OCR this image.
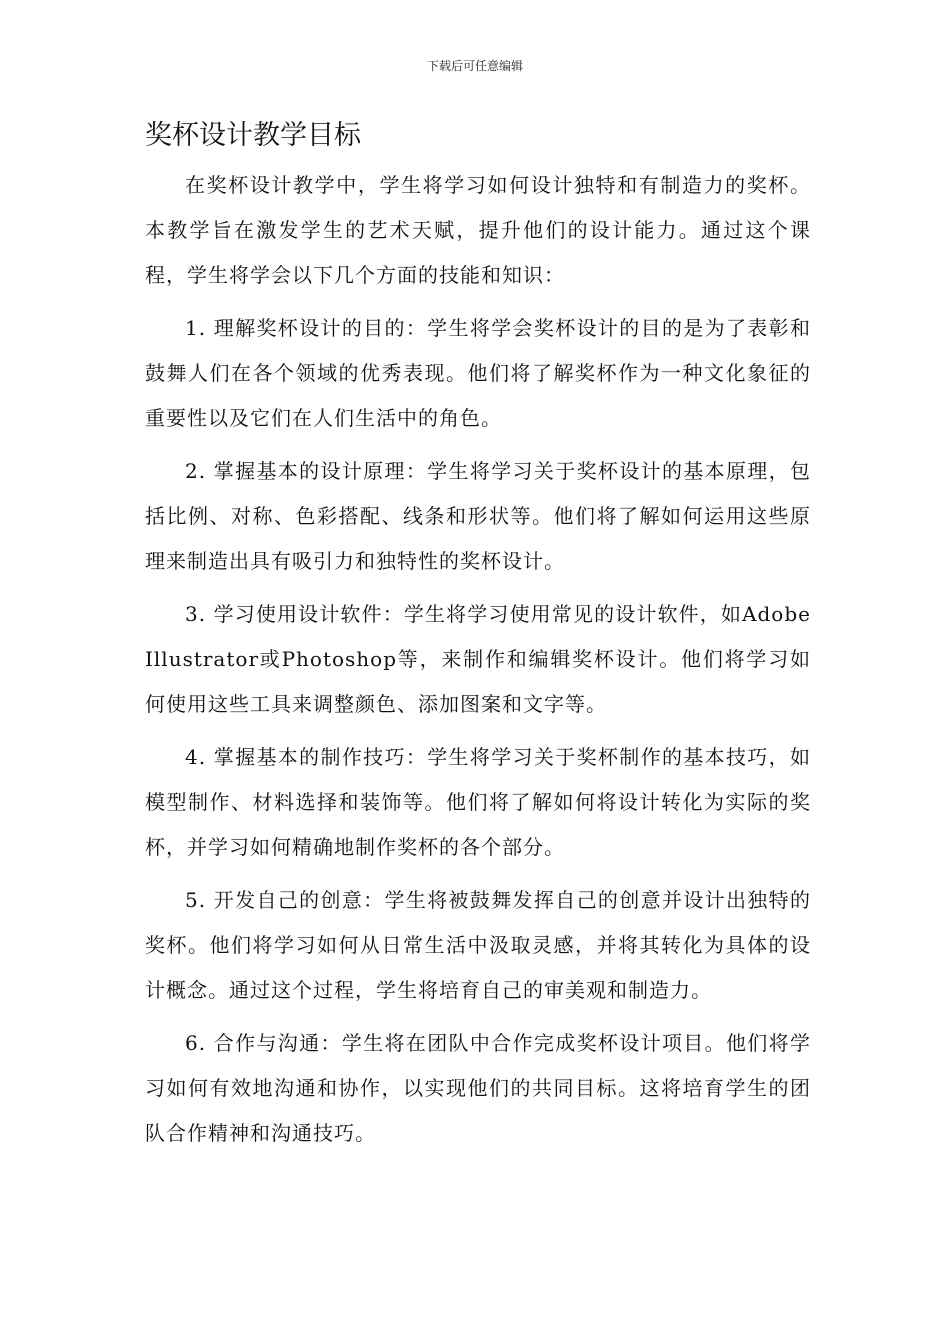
下载后可任意编辑
奖杯设计教学目标

在奖杯设计教学中，学生将学习如何设计独特和有制造力的奖杯。本教学旨在激发学生的艺术天赋，提升他们的设计能力。通过这个课程，学生将学会以下几个方面的技能和知识：

1. 理解奖杯设计的目的：学生将学会奖杯设计的目的是为了表彰和鼓舞人们在各个领域的优秀表现。他们将了解奖杯作为一种文化象征的重要性以及它们在人们生活中的角色。

2. 掌握基本的设计原理：学生将学习关于奖杯设计的基本原理，包括比例、对称、色彩搭配、线条和形状等。他们将了解如何运用这些原理来制造出具有吸引力和独特性的奖杯设计。

3. 学习使用设计软件：学生将学习使用常见的设计软件，如Adobe Illustrator或Photoshop等，来制作和编辑奖杯设计。他们将学习如何使用这些工具来调整颜色、添加图案和文字等。

4. 掌握基本的制作技巧：学生将学习关于奖杯制作的基本技巧，如模型制作、材料选择和装饰等。他们将了解如何将设计转化为实际的奖杯，并学习如何精确地制作奖杯的各个部分。

5. 开发自己的创意：学生将被鼓舞发挥自己的创意并设计出独特的奖杯。他们将学习如何从日常生活中汲取灵感，并将其转化为具体的设计概念。通过这个过程，学生将培育自己的审美观和制造力。

6. 合作与沟通：学生将在团队中合作完成奖杯设计项目。他们将学习如何有效地沟通和协作，以实现他们的共同目标。这将培育学生的团队合作精神和沟通技巧。
